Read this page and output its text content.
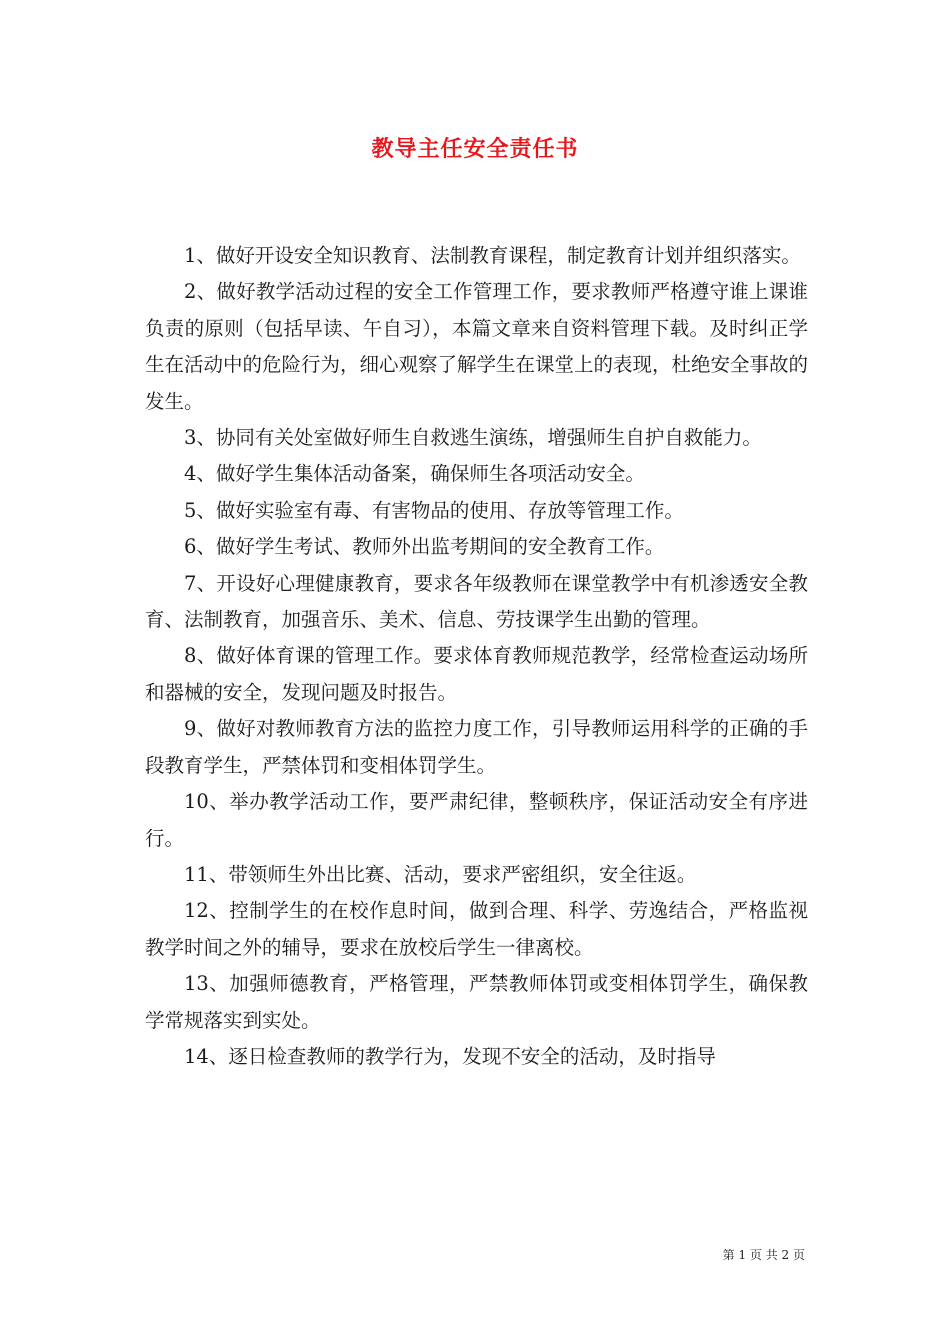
教导主任安全责任书

1、做好开设安全知识教育、法制教育课程，制定教育计划并组织落实。

2、做好教学活动过程的安全工作管理工作，要求教师严格遵守谁上课谁负责的原则（包括早读、午自习），本篇文章来自资料管理下载。及时纠正学生在活动中的危险行为，细心观察了解学生在课堂上的表现，杜绝安全事故的发生。

3、协同有关处室做好师生自救逃生演练，增强师生自护自救能力。

4、做好学生集体活动备案，确保师生各项活动安全。

5、做好实验室有毒、有害物品的使用、存放等管理工作。

6、做好学生考试、教师外出监考期间的安全教育工作。

7、开设好心理健康教育，要求各年级教师在课堂教学中有机渗透安全教育、法制教育，加强音乐、美术、信息、劳技课学生出勤的管理。

8、做好体育课的管理工作。要求体育教师规范教学，经常检查运动场所和器械的安全，发现问题及时报告。

9、做好对教师教育方法的监控力度工作，引导教师运用科学的正确的手段教育学生，严禁体罚和变相体罚学生。

10、举办教学活动工作，要严肃纪律，整顿秩序，保证活动安全有序进行。

11、带领师生外出比赛、活动，要求严密组织，安全往返。

12、控制学生的在校作息时间，做到合理、科学、劳逸结合，严格监视教学时间之外的辅导，要求在放校后学生一律离校。

13、加强师德教育，严格管理，严禁教师体罚或变相体罚学生，确保教学常规落实到实处。

14、逐日检查教师的教学行为，发现不安全的活动，及时指导

第 1 页 共 2 页
